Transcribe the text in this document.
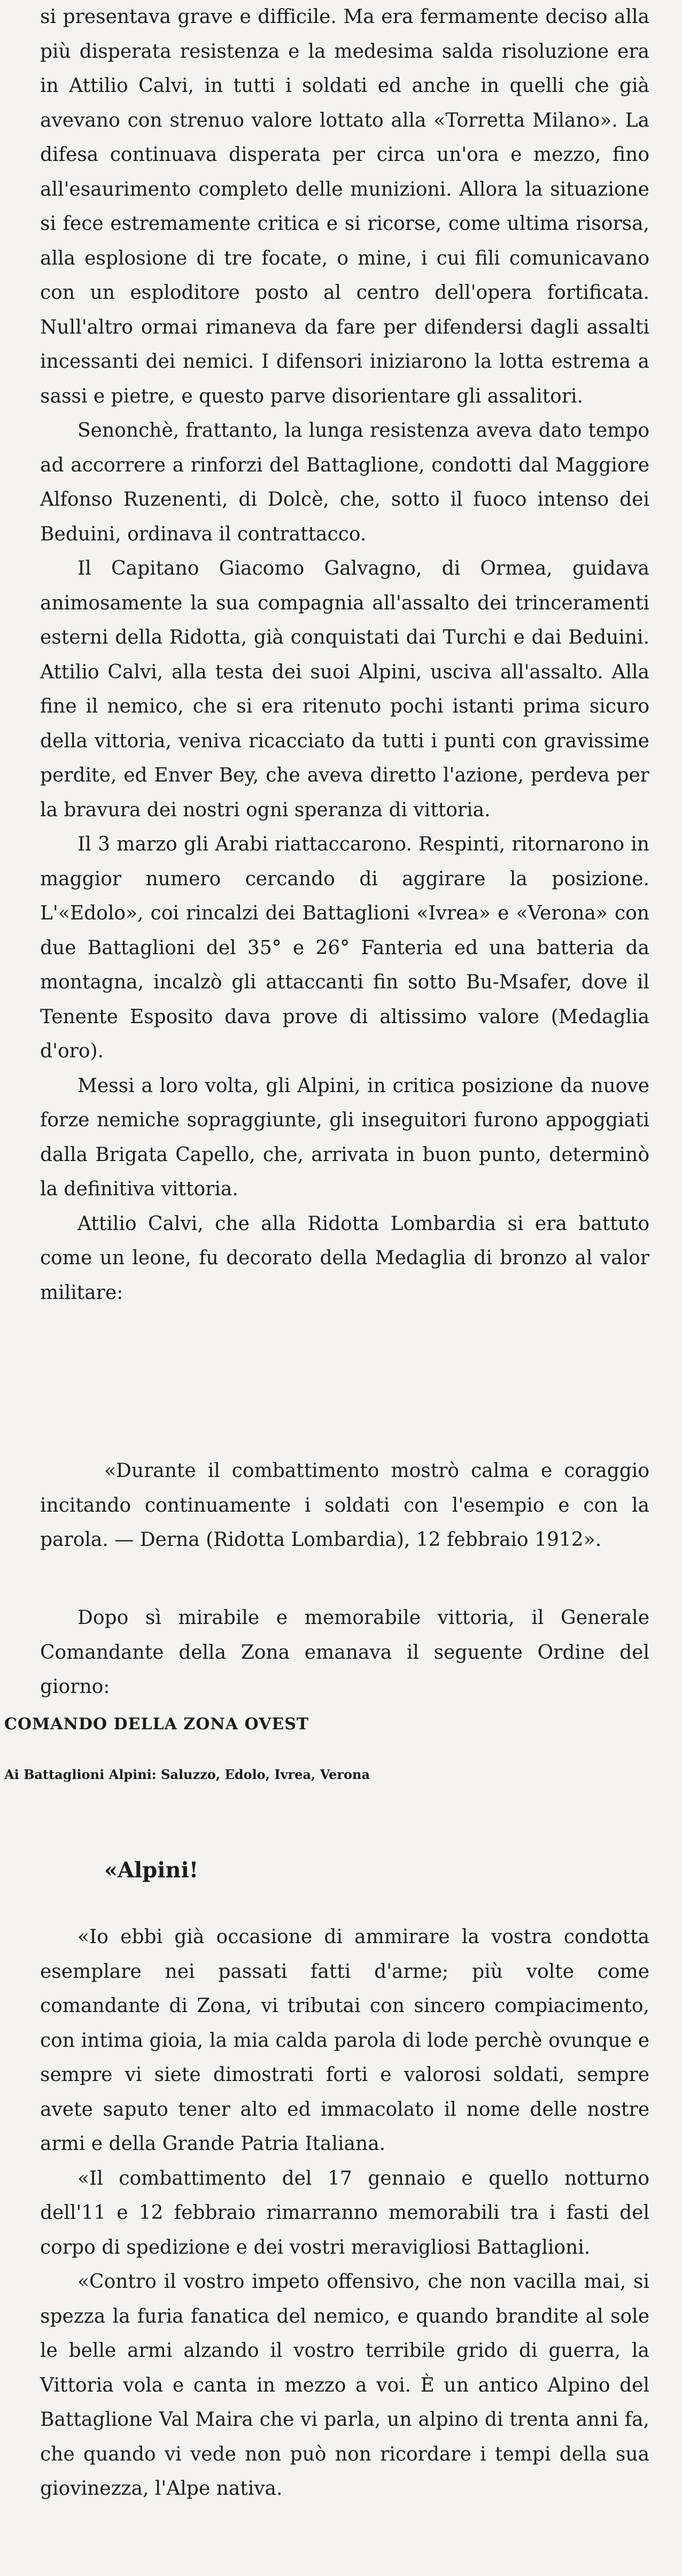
si presentava grave e difficile. Ma era fermamente deciso alla più disperata resistenza e la medesima salda risoluzione era in Attilio Calvi, in tutti i soldati ed anche in quelli che già avevano con strenuo valore lottato alla «Torretta Milano». La difesa continuava disperata per circa un'ora e mezzo, fino all'esaurimento completo delle munizioni. Allora la situazione si fece estremamente critica e si ricorse, come ultima risorsa, alla esplosione di tre focate, o mine, i cui fili comunicavano con un esploditore posto al centro dell'opera fortificata. Null'altro ormai rimaneva da fare per difendersi dagli assalti incessanti dei nemici. I difensori iniziarono la lotta estrema a sassi e pietre, e questo parve disorientare gli assalitori.

Senonchè, frattanto, la lunga resistenza aveva dato tempo ad accorrere a rinforzi del Battaglione, condotti dal Maggiore Alfonso Ruzenenti, di Dolcè, che, sotto il fuoco intenso dei Beduini, ordinava il contrattacco.

Il Capitano Giacomo Galvagno, di Ormea, guidava animosamente la sua compagnia all'assalto dei trinceramenti esterni della Ridotta, già conquistati dai Turchi e dai Beduini. Attilio Calvi, alla testa dei suoi Alpini, usciva all'assalto. Alla fine il nemico, che si era ritenuto pochi istanti prima sicuro della vittoria, veniva ricacciato da tutti i punti con gravissime perdite, ed Enver Bey, che aveva diretto l'azione, perdeva per la bravura dei nostri ogni speranza di vittoria.

Il 3 marzo gli Arabi riattaccarono. Respinti, ritornarono in maggior numero cercando di aggirare la posizione. L'«Edolo», coi rincalzi dei Battaglioni «Ivrea» e «Verona» con due Battaglioni del 35° e 26° Fanteria ed una batteria da montagna, incalzò gli attaccanti fin sotto Bu-Msafer, dove il Tenente Esposito dava prove di altissimo valore (Medaglia d'oro).

Messi a loro volta, gli Alpini, in critica posizione da nuove forze nemiche sopraggiunte, gli inseguitori furono appoggiati dalla Brigata Capello, che, arrivata in buon punto, determinò la definitiva vittoria.

Attilio Calvi, che alla Ridotta Lombardia si era battuto come un leone, fu decorato della Medaglia di bronzo al valor militare:

«Durante il combattimento mostrò calma e coraggio incitando continuamente i soldati con l'esempio e con la parola. — Derna (Ridotta Lombardia), 12 febbraio 1912».

Dopo sì mirabile e memorabile vittoria, il Generale Comandante della Zona emanava il seguente Ordine del giorno:

COMANDO DELLA ZONA OVEST

Ai Battaglioni Alpini: Saluzzo, Edolo, Ivrea, Verona

«Alpini!

«Io ebbi già occasione di ammirare la vostra condotta esemplare nei passati fatti d'arme; più volte come comandante di Zona, vi tributai con sincero compiacimento, con intima gioia, la mia calda parola di lode perchè ovunque e sempre vi siete dimostrati forti e valorosi soldati, sempre avete saputo tener alto ed immacolato il nome delle nostre armi e della Grande Patria Italiana.

«Il combattimento del 17 gennaio e quello notturno dell'11 e 12 febbraio rimarranno memorabili tra i fasti del corpo di spedizione e dei vostri meravigliosi Battaglioni.

«Contro il vostro impeto offensivo, che non vacilla mai, si spezza la furia fanatica del nemico, e quando brandite al sole le belle armi alzando il vostro terribile grido di guerra, la Vittoria vola e canta in mezzo a voi. È un antico Alpino del Battaglione Val Maira che vi parla, un alpino di trenta anni fa, che quando vi vede non può non ricordare i tempi della sua giovinezza, l'Alpe nativa.
